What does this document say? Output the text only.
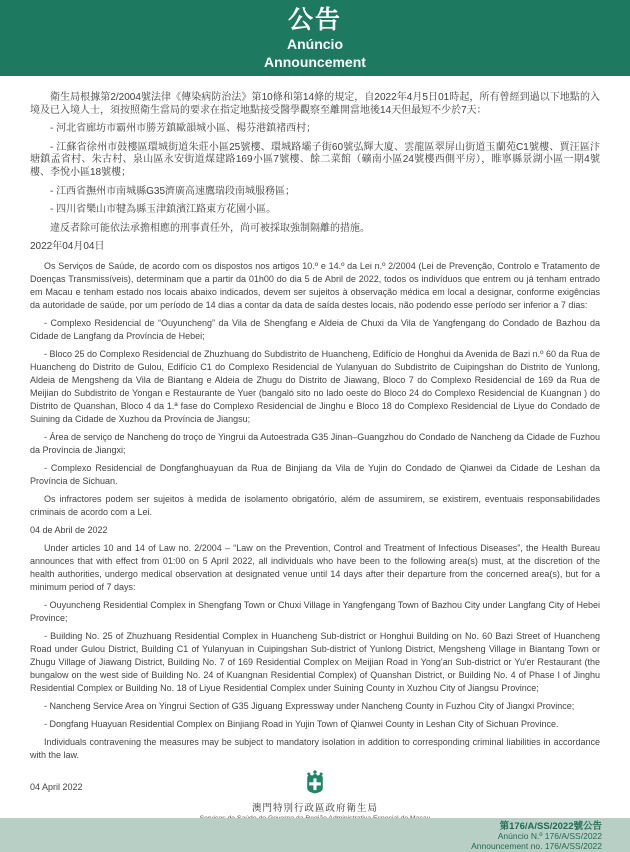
公告
Anúncio
Announcement

衛生局根據第2/2004號法律《傳染病防治法》第10條和第14條的規定，自2022年4月5日01時起，所有曾經到過以下地點的入境及已入境人士，須按照衛生當局的要求在指定地點接受醫學觀察至離開當地後14天但最短不少於7天：

- 河北省廊坊市霸州市勝芳鎮歐韻城小區、楊芬港鎮褚西村；

- 江蘇省徐州市鼓樓區環城街道朱莊小區25號樓、環城路壩子街60號弘輝大廈、雲龍區翠屏山街道玉蘭苑C1號樓、賈汪區汴塘鎮孟省村、朱古村、泉山區永安街道煤建路169小區7號樓、餘二菜館（礦南小區24號樓西側平房），睢寧縣景湖小區一期4號樓、李悅小區18號樓；

- 江西省撫州市南城縣G35濟廣高速鷹瑞段南城服務區；

- 四川省樂山市犍為縣玉津鎮濱江路東方花園小區。

違反者除可能依法承擔相應的刑事責任外，尚可被採取強制隔離的措施。

2022年04月04日

Os Serviços de Saúde, de acordo com os dispostos nos artigos 10.º e 14.º da Lei n.º 2/2004 (Lei de Prevenção, Controlo e Tratamento de Doenças Transmissíveis), determinam que a partir da 01h00 do dia 5 de Abril de 2022, todos os indivíduos que entrem ou já tenham entrado em Macau e tenham estado nos locais abaixo indicados, devem ser sujeitos à observação médica em local a designar, conforme exigências da autoridade de saúde, por um período de 14 dias a contar da data de saída destes locais, não podendo esse período ser inferior a 7 dias:

- Complexo Residencial de “Ouyuncheng” da Vila de Shengfang e Aldeia de Chuxi da Vila de Yangfengang do Condado de Bazhou da Cidade de Langfang da Província de Hebei;

- Bloco 25 do Complexo Residencial de Zhuzhuang do Subdistrito de Huancheng, Edifício de Honghui da Avenida de Bazi n.º 60 da Rua de Huancheng do Distrito de Gulou, Edifício C1 do Complexo Residencial de Yulanyuan do Subdistrito de Cuipingshan do Distrito de Yunlong, Aldeia de Mengsheng da Vila de Biantang e Aldeia de Zhugu do Distrito de Jiawang, Bloco 7 do Complexo Residencial de 169 da Rua de Meijian do Subdistrito de Yongan e Restaurante de Yuer (bangaló sito no lado oeste do Bloco 24 do Complexo Residencial de Kuangnan ) do Distrito de Quanshan, Bloco 4 da 1.ª fase do Complexo Residencial de Jinghu e Bloco 18 do Complexo Residencial de Liyue do Condado de Suining da Cidade de Xuzhou da Província de Jiangsu;

- Área de serviço de Nancheng do troço de Yingrui da Autoestrada G35 Jinan–Guangzhou do Condado de Nancheng da Cidade de Fuzhou da Província de Jiangxi;

- Complexo Residencial de Dongfanghuayuan da Rua de Binjiang da Vila de Yujin do Condado de Qianwei da Cidade de Leshan da Província de Sichuan.

Os infractores podem ser sujeitos à medida de isolamento obrigatório, além de assumirem, se existirem, eventuais responsabilidades criminais de acordo com a Lei.

04 de Abril de 2022

Under articles 10 and 14 of Law no. 2/2004 – “Law on the Prevention, Control and Treatment of Infectious Diseases”, the Health Bureau announces that with effect from 01:00 on 5 April 2022, all individuals who have been to the following area(s) must, at the discretion of the health authorities, undergo medical observation at designated venue until 14 days after their departure from the concerned area(s), but for a minimum period of 7 days:

- Ouyuncheng Residential Complex in Shengfang Town or Chuxi Village in Yangfengang Town of Bazhou City under Langfang City of Hebei Province;

- Building No. 25 of Zhuzhuang Residential Complex in Huancheng Sub-district or Honghui Building on No. 60 Bazi Street of Huancheng Road under Gulou District, Building C1 of Yulanyuan in Cuipingshan Sub-district of Yunlong District, Mengsheng Village in Biantang Town or Zhugu Village of Jiawang District, Building No. 7 of 169 Residential Complex on Meijian Road in Yong'an Sub-district or Yu'er Restaurant (the bungalow on the west side of Building No. 24 of Kuangnan Residential Complex) of Quanshan District, or Building No. 4 of Phase I of Jinghu Residential Complex or Building No. 18 of Liyue Residential Complex under Suining County in Xuzhou City of Jiangsu Province;

- Nancheng Service Area on Yingrui Section of G35 Jiguang Expressway under Nancheng County in Fuzhou City of Jiangxi Province;

- Dongfang Huayuan Residential Complex on Binjiang Road in Yujin Town of Qianwei County in Leshan City of Sichuan Province.

Individuals contravening the measures may be subject to mandatory isolation in addition to corresponding criminal liabilities in accordance with the law.

04 April 2022
澳門特別行政區政府衛生局
第176/A/SS/2022號公告
Anúncio N.º 176/A/SS/2022
Announcement no. 176/A/SS/2022
